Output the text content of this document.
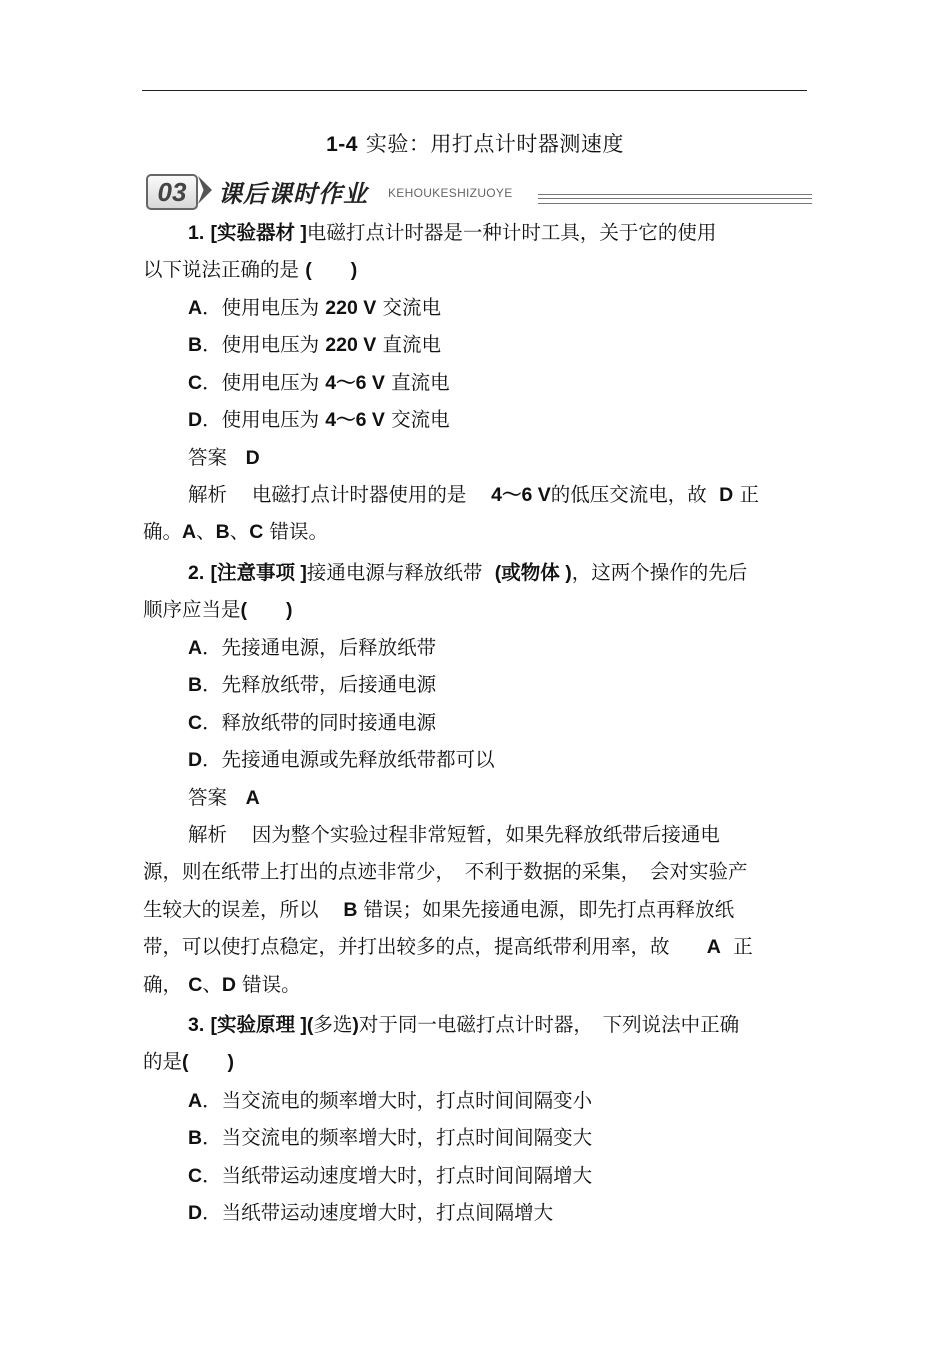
1-4 实验：用打点计时器测速度
03	课后课时作业 KEHOUKESHIZUOYE
1. [实验器材 ]电磁打点计时器是一种计时工具，关于它的使用
以下说法正确的是 (　　)
A．使用电压为 220 V 交流电
B．使用电压为 220 V 直流电
C．使用电压为 4～6 V 直流电
D．使用电压为 4～6 V 交流电
答案 D
解析 电磁打点计时器使用的是 4～6 V的低压交流电，故 D 正
确。A、B、C 错误。
2. [注意事项 ]接通电源与释放纸带 (或物体 )，这两个操作的先后
顺序应当是(　　)
A．先接通电源，后释放纸带
B．先释放纸带，后接通电源
C．释放纸带的同时接通电源
D．先接通电源或先释放纸带都可以
答案 A
解析 因为整个实验过程非常短暂，如果先释放纸带后接通电
源，则在纸带上打出的点迹非常少，　不利于数据的采集，　会对实验产
生较大的误差，所以 B 错误；如果先接通电源，即先打点再释放纸
带，可以使打点稳定，并打出较多的点，提高纸带利用率，故 A 正
确， C、D 错误。
3. [实验原理 ](多选)对于同一电磁打点计时器，　下列说法中正确
的是(　　)
A．当交流电的频率增大时，打点时间间隔变小
B．当交流电的频率增大时，打点时间间隔变大
C．当纸带运动速度增大时，打点时间间隔增大
D．当纸带运动速度增大时，打点间隔增大
